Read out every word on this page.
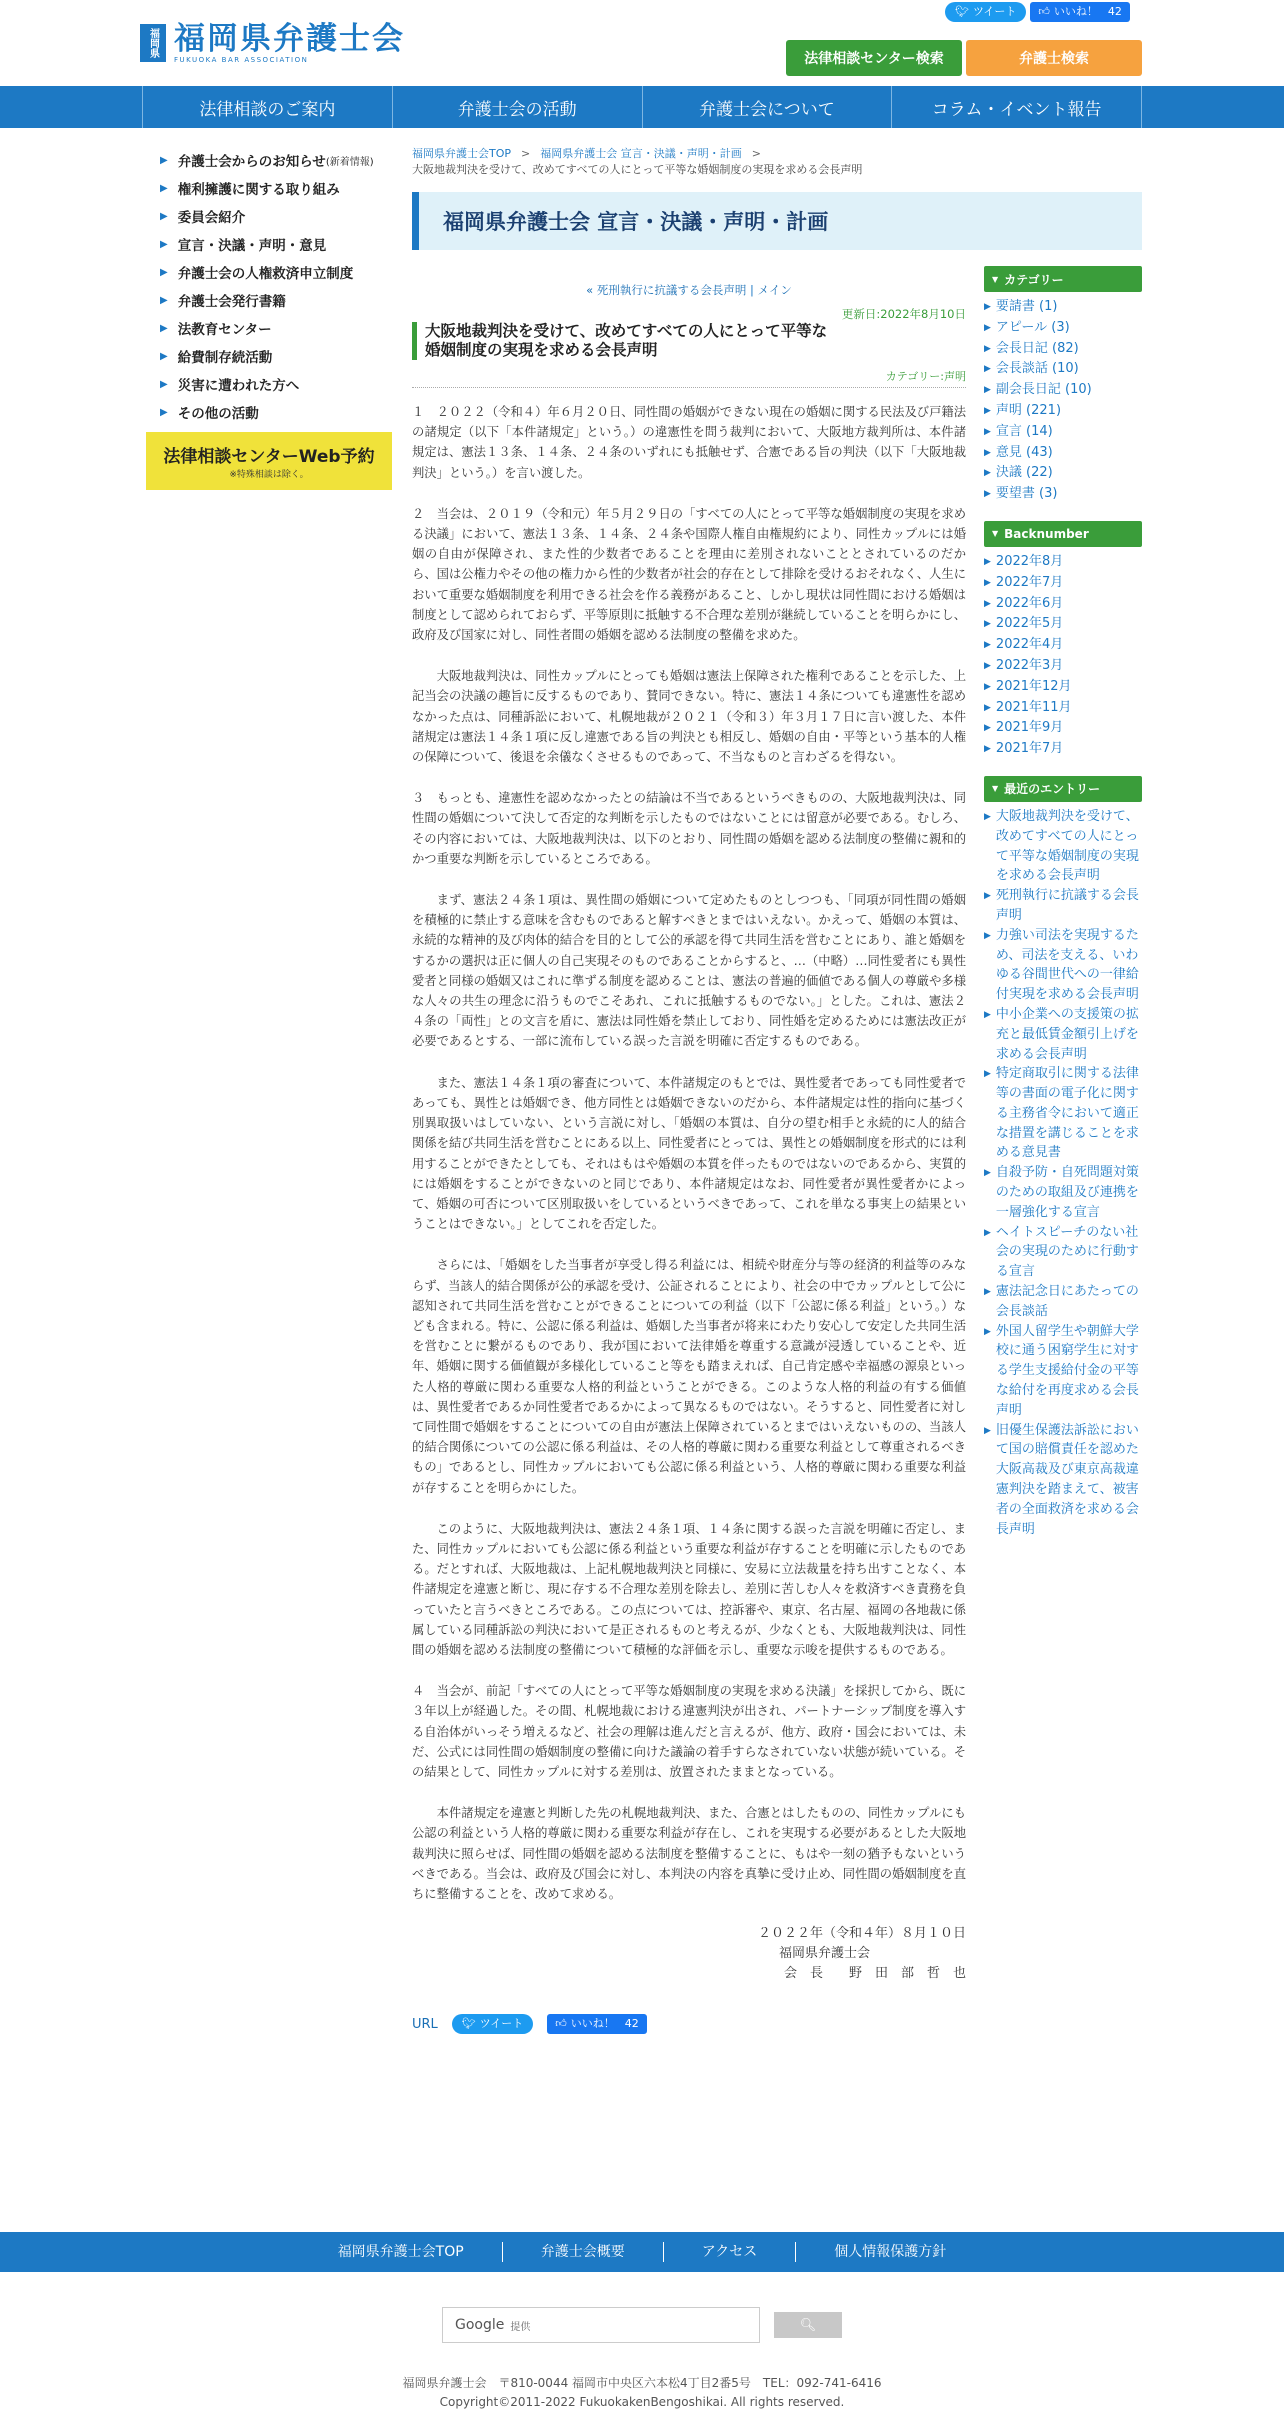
福岡県 福岡県弁護士会
FUKUOKA BAR ASSOCIATION
🐦︎ ツイート 👍︎ いいね！ 42
法律相談センター検索	弁護士検索
法律相談のご案内	弁護士会の活動	弁護士会について	コラム・イベント報告
▶ 弁護士会からのお知らせ (新着情報)
▶ 権利擁護に関する取り組み
▶ 委員会紹介
▶ 宣言・決議・声明・意見
▶ 弁護士会の人権救済申立制度
▶ 弁護士会発行書籍
▶ 法教育センター
▶ 給費制存続活動
▶ 災害に遭われた方へ
▶ その他の活動
法律相談センターWeb予約
※特殊相談は除く。
福岡県弁護士会TOP > 福岡県弁護士会 宣言・決議・声明・計画 >
大阪地裁判決を受けて、改めてすべての人にとって平等な婚姻制度の実現を求める会長声明
福岡県弁護士会 宣言・決議・声明・計画
« 死刑執行に抗議する会長声明 | メイン
更新日:2022年8月10日
大阪地裁判決を受けて、改めてすべての人にとって平等な婚姻制度の実現を求める会長声明
カテゴリー:声明

１　２０２２（令和４）年６月２０日、同性間の婚姻ができない現在の婚姻に関する民法及び戸籍法の諸規定（以下「本件諸規定」という。）の違憲性を問う裁判において、大阪地方裁判所は、本件諸規定は、憲法１３条、１４条、２４条のいずれにも抵触せず、合憲である旨の判決（以下「大阪地裁判決」という。）を言い渡した。

２　当会は、２０１９（令和元）年５月２９日の「すべての人にとって平等な婚姻制度の実現を求める決議」において、憲法１３条、１４条、２４条や国際人権自由権規約により、同性カップルには婚姻の自由が保障され、また性的少数者であることを理由に差別されないこととされているのだから、国は公権力やその他の権力から性的少数者が社会的存在として排除を受けるおそれなく、人生において重要な婚姻制度を利用できる社会を作る義務があること、しかし現状は同性間における婚姻は制度として認められておらず、平等原則に抵触する不合理な差別が継続していることを明らかにし、政府及び国家に対し、同性者間の婚姻を認める法制度の整備を求めた。

大阪地裁判決は、同性カップルにとっても婚姻は憲法上保障された権利であることを示した、上記当会の決議の趣旨に反するものであり、賛同できない。特に、憲法１４条についても違憲性を認めなかった点は、同種訴訟において、札幌地裁が２０２１（令和３）年３月１７日に言い渡した、本件諸規定は憲法１４条１項に反し違憲である旨の判決とも相反し、婚姻の自由・平等という基本的人権の保障について、後退を余儀なくさせるものであって、不当なものと言わざるを得ない。

３　もっとも、違憲性を認めなかったとの結論は不当であるというべきものの、大阪地裁判決は、同性間の婚姻について決して否定的な判断を示したものではないことには留意が必要である。むしろ、その内容においては、大阪地裁判決は、以下のとおり、同性間の婚姻を認める法制度の整備に親和的かつ重要な判断を示しているところである。

まず、憲法２４条１項は、異性間の婚姻について定めたものとしつつも、「同項が同性間の婚姻を積極的に禁止する意味を含むものであると解すべきとまではいえない。かえって、婚姻の本質は、永続的な精神的及び肉体的結合を目的として公的承認を得て共同生活を営むことにあり、誰と婚姻をするかの選択は正に個人の自己実現そのものであることからすると、…（中略）…同性愛者にも異性愛者と同様の婚姻又はこれに準ずる制度を認めることは、憲法の普遍的価値である個人の尊厳や多様な人々の共生の理念に沿うものでこそあれ、これに抵触するものでない。」とした。これは、憲法２４条の「両性」との文言を盾に、憲法は同性婚を禁止しており、同性婚を定めるためには憲法改正が必要であるとする、一部に流布している誤った言説を明確に否定するものである。

また、憲法１４条１項の審査について、本件諸規定のもとでは、異性愛者であっても同性愛者であっても、異性とは婚姻でき、他方同性とは婚姻できないのだから、本件諸規定は性的指向に基づく別異取扱いはしていない、という言説に対し、「婚姻の本質は、自分の望む相手と永続的に人的結合関係を結び共同生活を営むことにある以上、同性愛者にとっては、異性との婚姻制度を形式的には利用することができたとしても、それはもはや婚姻の本質を伴ったものではないのであるから、実質的には婚姻をすることができないのと同じであり、本件諸規定はなお、同性愛者が異性愛者かによって、婚姻の可否について区別取扱いをしているというべきであって、これを単なる事実上の結果ということはできない。」としてこれを否定した。

さらには、「婚姻をした当事者が享受し得る利益には、相続や財産分与等の経済的利益等のみならず、当該人的結合関係が公的承認を受け、公証されることにより、社会の中でカップルとして公に認知されて共同生活を営むことができることについての利益（以下「公認に係る利益」という。）なども含まれる。特に、公認に係る利益は、婚姻した当事者が将来にわたり安心して安定した共同生活を営むことに繋がるものであり、我が国において法律婚を尊重する意識が浸透していることや、近年、婚姻に関する価値観が多様化していること等をも踏まえれば、自己肯定感や幸福感の源泉といった人格的尊厳に関わる重要な人格的利益ということができる。このような人格的利益の有する価値は、異性愛者であるか同性愛者であるかによって異なるものではない。そうすると、同性愛者に対して同性間で婚姻をすることについての自由が憲法上保障されているとまではいえないものの、当該人的結合関係についての公認に係る利益は、その人格的尊厳に関わる重要な利益として尊重されるべきもの」であるとし、同性カップルにおいても公認に係る利益という、人格的尊厳に関わる重要な利益が存することを明らかにした。

このように、大阪地裁判決は、憲法２４条１項、１４条に関する誤った言説を明確に否定し、また、同性カップルにおいても公認に係る利益という重要な利益が存することを明確に示したものである。だとすれば、大阪地裁は、上記札幌地裁判決と同様に、安易に立法裁量を持ち出すことなく、本件諸規定を違憲と断じ、現に存する不合理な差別を除去し、差別に苦しむ人々を救済すべき責務を負っていたと言うべきところである。この点については、控訴審や、東京、名古屋、福岡の各地裁に係属している同種訴訟の判決において是正されるものと考えるが、少なくとも、大阪地裁判決は、同性間の婚姻を認める法制度の整備について積極的な評価を示し、重要な示唆を提供するものである。

４　当会が、前記「すべての人にとって平等な婚姻制度の実現を求める決議」を採択してから、既に３年以上が経過した。その間、札幌地裁における違憲判決が出され、パートナーシップ制度を導入する自治体がいっそう増えるなど、社会の理解は進んだと言えるが、他方、政府・国会においては、未だ、公式には同性間の婚姻制度の整備に向けた議論の着手すらなされていない状態が続いている。その結果として、同性カップルに対する差別は、放置されたままとなっている。

本件諸規定を違憲と判断した先の札幌地裁判決、また、合憲とはしたものの、同性カップルにも公認の利益という人格的尊厳に関わる重要な利益が存在し、これを実現する必要があるとした大阪地裁判決に照らせば、同性間の婚姻を認める法制度を整備することに、もはや一刻の猶予もないというべきである。当会は、政府及び国会に対し、本判決の内容を真摯に受け止め、同性間の婚姻制度を直ちに整備することを、改めて求める。

２０２２年（令和４年）８月１０日
福岡県弁護士会
会　長　　野　田　部　哲　也
URL 🐦︎ ツイート	👍︎ いいね！ 42
▼ カテゴリー
▶ 要請書 (1)
▶ アピール (3)
▶ 会長日記 (82)
▶ 会長談話 (10)
▶ 副会長日記 (10)
▶ 声明 (221)
▶ 宣言 (14)
▶ 意見 (43)
▶ 決議 (22)
▶ 要望書 (3)
▼ Backnumber
▶ 2022年8月
▶ 2022年7月
▶ 2022年6月
▶ 2022年5月
▶ 2022年4月
▶ 2022年3月
▶ 2021年12月
▶ 2021年11月
▶ 2021年9月
▶ 2021年7月
▼ 最近のエントリー
▶ 大阪地裁判決を受けて、改めてすべての人にとって平等な婚姻制度の実現を求める会長声明
▶ 死刑執行に抗議する会長声明
▶ 力強い司法を実現するため、司法を支える、いわゆる谷間世代への一律給付実現を求める会長声明
▶ 中小企業への支援策の拡充と最低賃金額引上げを求める会長声明
▶ 特定商取引に関する法律等の書面の電子化に関する主務省令において適正な措置を講じることを求める意見書
▶ 自殺予防・自死問題対策のための取組及び連携を一層強化する宣言
▶ ヘイトスピーチのない社会の実現のために行動する宣言
▶ 憲法記念日にあたっての会長談話
▶ 外国人留学生や朝鮮大学校に通う困窮学生に対する学生支援給付金の平等な給付を再度求める会長声明
▶ 旧優生保護法訴訟において国の賠償責任を認めた大阪高裁及び東京高裁違憲判決を踏まえて、被害者の全面救済を求める会長声明
福岡県弁護士会TOP	弁護士会概要	アクセス	個人情報保護方針
Google 提供	🔍︎
福岡県弁護士会　〒810-0044 福岡市中央区六本松4丁目2番5号　TEL：092-741-6416
Copyright©2011-2022 FukuokakenBengoshikai. All rights reserved.
